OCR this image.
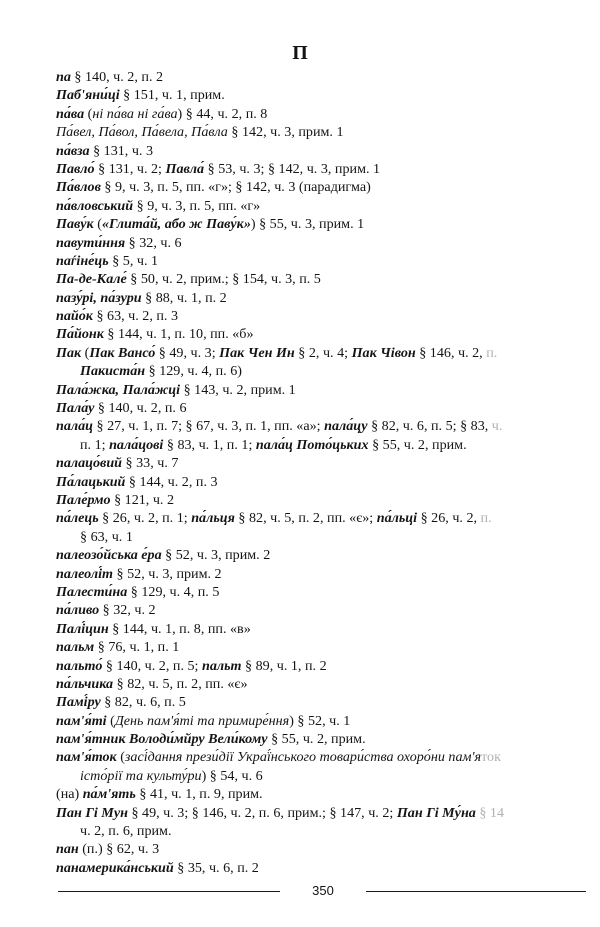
П
па § 140, ч. 2, п. 2
Паб'яни́ці § 151, ч. 1, прим.
па́ва (ні па́ва ні га́ва) § 44, ч. 2, п. 8
Па́вел, Па́вол, Па́вела, Па́вла § 142, ч. 3, прим. 1
па́вза § 131, ч. 3
Павло́ § 131, ч. 2; Павла́ § 53, ч. 3; § 142, ч. 3, прим. 1
Па́влов § 9, ч. 3, п. 5, пп. «г»; § 142, ч. 3 (парадигма)
па́вловський § 9, ч. 3, п. 5, пп. «г»
Паву́к («Глита́й, або ж Паву́к») § 55, ч. 3, прим. 1
павути́ння § 32, ч. 6
паѓіне́ць § 5, ч. 1
Па-де-Кале́ § 50, ч. 2, прим.; § 154, ч. 3, п. 5
пазу́рі, па́зури § 88, ч. 1, п. 2
пайо́к § 63, ч. 2, п. 3
Па́йонк § 144, ч. 1, п. 10, пп. «б»
Пак (Пак Вансо́ § 49, ч. 3; Пак Чен Ин § 2, ч. 4; Пак Чівон § 146, ч. 2, п.
Пакиста́н § 129, ч. 4, п. 6)
Пала́жка, Пала́жці § 143, ч. 2, прим. 1
Пала́у § 140, ч. 2, п. 6
пала́ц § 27, ч. 1, п. 7; § 67, ч. 3, п. 1, пп. «а»; пала́цу § 82, ч. 6, п. 5; § 83, ч.
п. 1; пала́цові § 83, ч. 1, п. 1; пала́ц Пото́цьких § 55, ч. 2, прим.
палацо́вий § 33, ч. 7
Па́лацький § 144, ч. 2, п. 3
Пале́рмо § 121, ч. 2
па́лець § 26, ч. 2, п. 1; па́льця § 82, ч. 5, п. 2, пп. «є»; па́льці § 26, ч. 2, п.
§ 63, ч. 1
палеозо́йська е́ра § 52, ч. 3, прим. 2
палеолі́т § 52, ч. 3, прим. 2
Палести́на § 129, ч. 4, п. 5
па́ливо § 32, ч. 2
Палі́цин § 144, ч. 1, п. 8, пп. «в»
пальм § 76, ч. 1, п. 1
пальто́ § 140, ч. 2, п. 5; пальт § 89, ч. 1, п. 2
па́льчика § 82, ч. 5, п. 2, пп. «є»
Памі́ру § 82, ч. 6, п. 5
пам'я́ті (День пам'я́ті та примире́ння) § 52, ч. 1
пам'я́тник Володи́мйру Вели́кому § 55, ч. 2, прим.
пам'я́ток (засі́дання прези́дії Украї́нського товари́ства охоро́ни пам'яток
істо́рії та культу́ри) § 54, ч. 6
(на) па́м'ять § 41, ч. 1, п. 9, прим.
Пан Гі Мун § 49, ч. 3; § 146, ч. 2, п. 6, прим.; § 147, ч. 2; Пан Гі Му́на § 14
ч. 2, п. 6, прим.
пан (п.) § 62, ч. 3
панамерика́нський § 35, ч. 6, п. 2
350
